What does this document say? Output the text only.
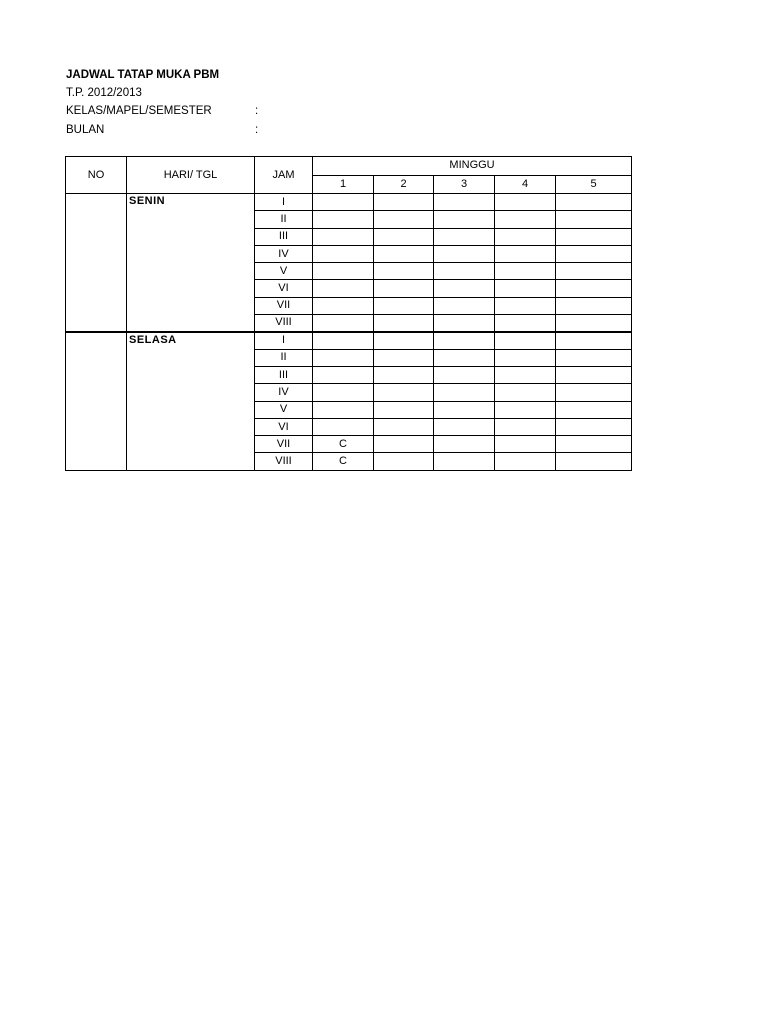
JADWAL TATAP MUKA PBM
T.P. 2012/2013
KELAS/MAPEL/SEMESTER	:
BULAN	:
NO	HARI/ TGL	JAM	MINGGU				
			1	2	3	4	5
	SENIN	I					
		II					
		III					
		IV					
		V					
		VI					
		VII					
		VIII					
	SELASA	I					
		II					
		III					
		IV					
		V					
		VI					
		VII	C				
		VIII	C				
